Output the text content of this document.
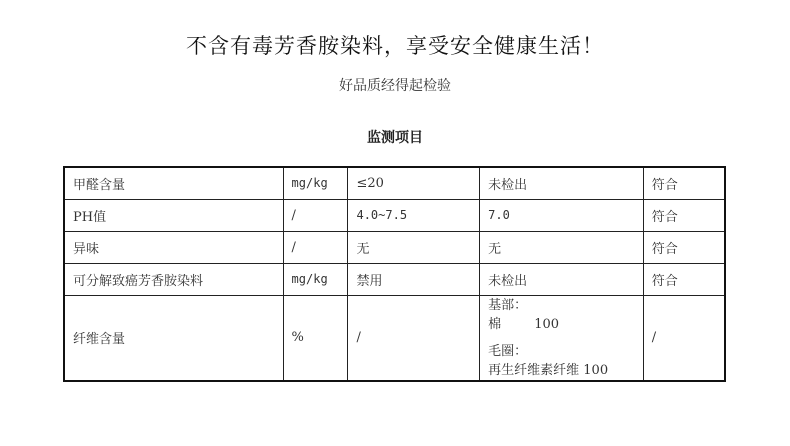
不含有毒芳香胺染料，享受安全健康生活！
好品质经得起检验
监测项目
甲醛含量	mg/kg	≤20	未检出	符合
PH值	/	4.0~7.5	7.0	符合
异味	/	无	无	符合
可分解致癌芳香胺染料	mg/kg	禁用	未检出	符合
纤维含量	%	/	基部：
棉        100
毛圈：
再生纤维素纤维 100	/
